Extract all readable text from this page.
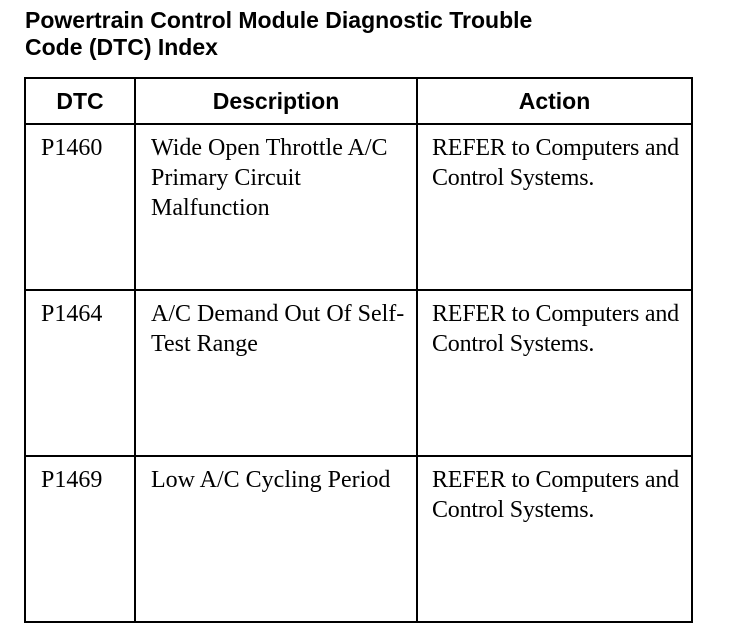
Powertrain Control Module Diagnostic Trouble
Code (DTC) Index
DTC	Description	Action
P1460	Wide Open Throttle A/C Primary Circuit Malfunction	REFER to Computers and Control Systems.
P1464	A/C Demand Out Of Self-Test Range	REFER to Computers and Control Systems.
P1469	Low A/C Cycling Period	REFER to Computers and Control Systems.
